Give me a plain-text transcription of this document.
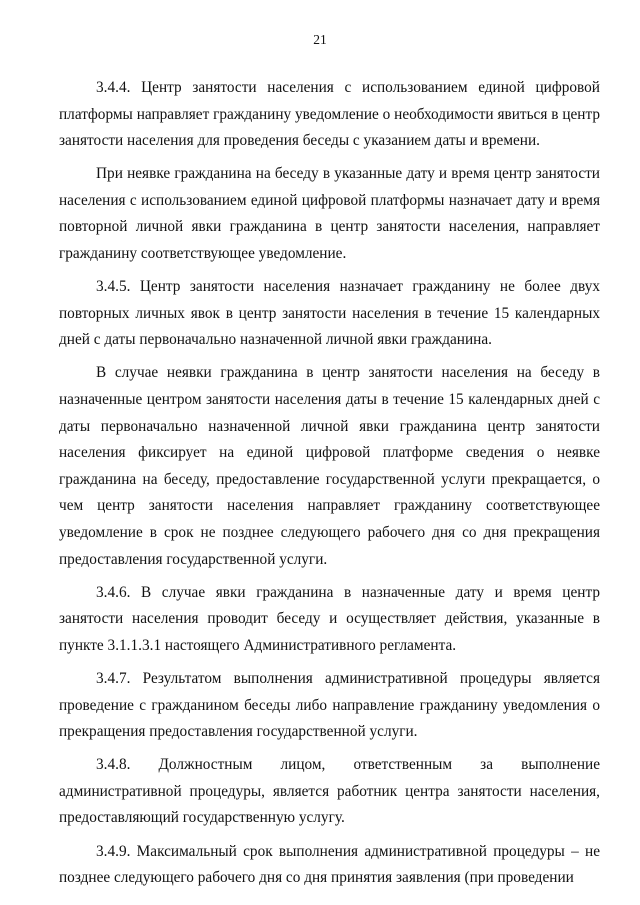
21

3.4.4. Центр занятости населения с использованием единой цифровой платформы направляет гражданину уведомление о необходимости явиться в центр занятости населения для проведения беседы с указанием даты и времени.

При неявке гражданина на беседу в указанные дату и время центр занятости населения с использованием единой цифровой платформы назначает дату и время повторной личной явки гражданина в центр занятости населения, направляет гражданину соответствующее уведомление.

3.4.5. Центр занятости населения назначает гражданину не более двух повторных личных явок в центр занятости населения в течение 15 календарных дней с даты первоначально назначенной личной явки гражданина.

В случае неявки гражданина в центр занятости населения на беседу в назначенные центром занятости населения даты в течение 15 календарных дней с даты первоначально назначенной личной явки гражданина центр занятости населения фиксирует на единой цифровой платформе сведения о неявке гражданина на беседу, предоставление государственной услуги прекращается, о чем центр занятости населения направляет гражданину соответствующее уведомление в срок не позднее следующего рабочего дня со дня прекращения предоставления государственной услуги.

3.4.6. В случае явки гражданина в назначенные дату и время центр занятости населения проводит беседу и осуществляет действия, указанные в пункте 3.1.1.3.1 настоящего Административного регламента.

3.4.7. Результатом выполнения административной процедуры является проведение с гражданином беседы либо направление гражданину уведомления о прекращения предоставления государственной услуги.

3.4.8. Должностным лицом, ответственным за выполнение административной процедуры, является работник центра занятости населения, предоставляющий государственную услугу.

3.4.9. Максимальный срок выполнения административной процедуры – не позднее следующего рабочего дня со дня принятия заявления (при проведении
